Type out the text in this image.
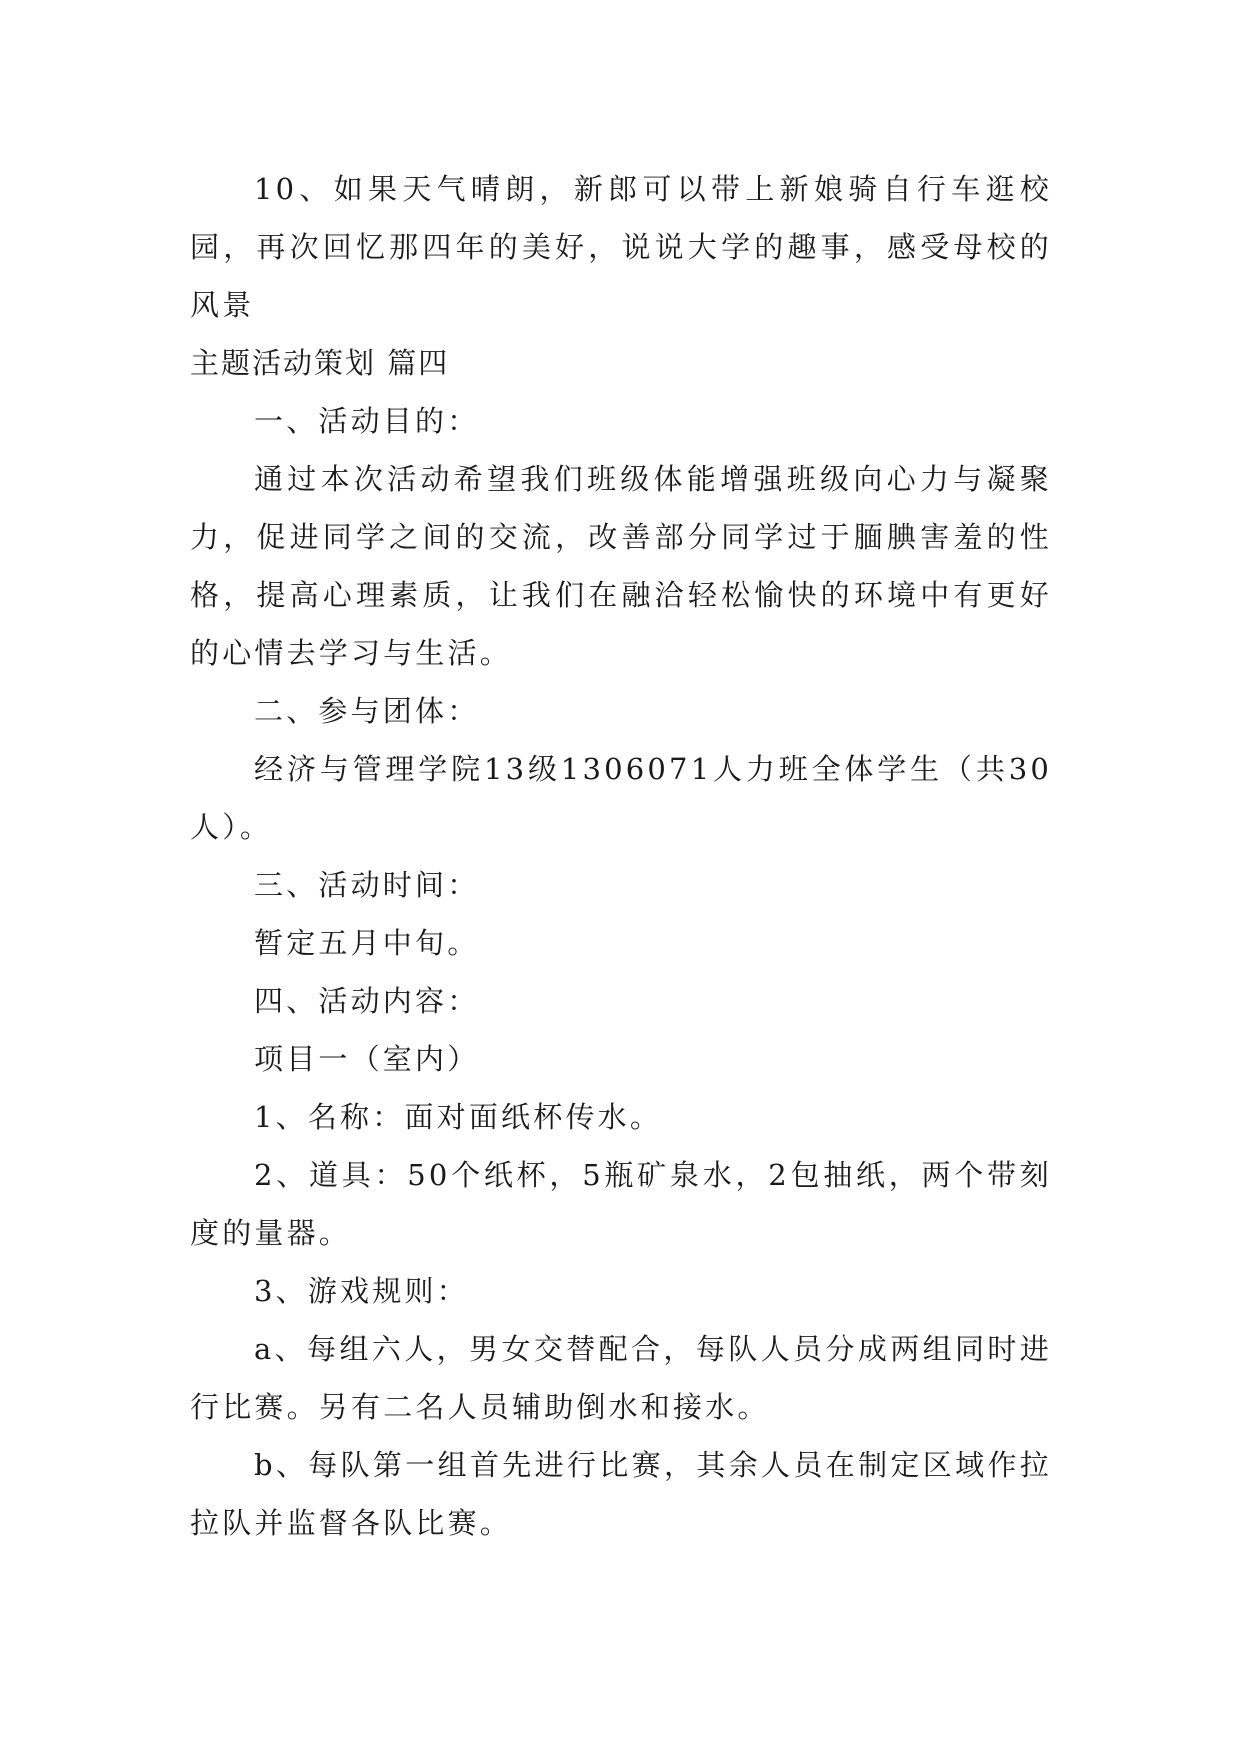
10、如果天气晴朗，新郎可以带上新娘骑自行车逛校园，再次回忆那四年的美好，说说大学的趣事，感受母校的风景

主题活动策划 篇四

一、活动目的：

通过本次活动希望我们班级体能增强班级向心力与凝聚力，促进同学之间的交流，改善部分同学过于腼腆害羞的性格，提高心理素质，让我们在融洽轻松愉快的环境中有更好的心情去学习与生活。

二、参与团体：

经济与管理学院13级1306071人力班全体学生（共30人）。

三、活动时间：

暂定五月中旬。

四、活动内容：

项目一（室内）

1、名称：面对面纸杯传水。

2、道具：50个纸杯，5瓶矿泉水，2包抽纸，两个带刻度的量器。

3、游戏规则：

a、每组六人，男女交替配合，每队人员分成两组同时进行比赛。另有二名人员辅助倒水和接水。

b、每队第一组首先进行比赛，其余人员在制定区域作拉拉队并监督各队比赛。
